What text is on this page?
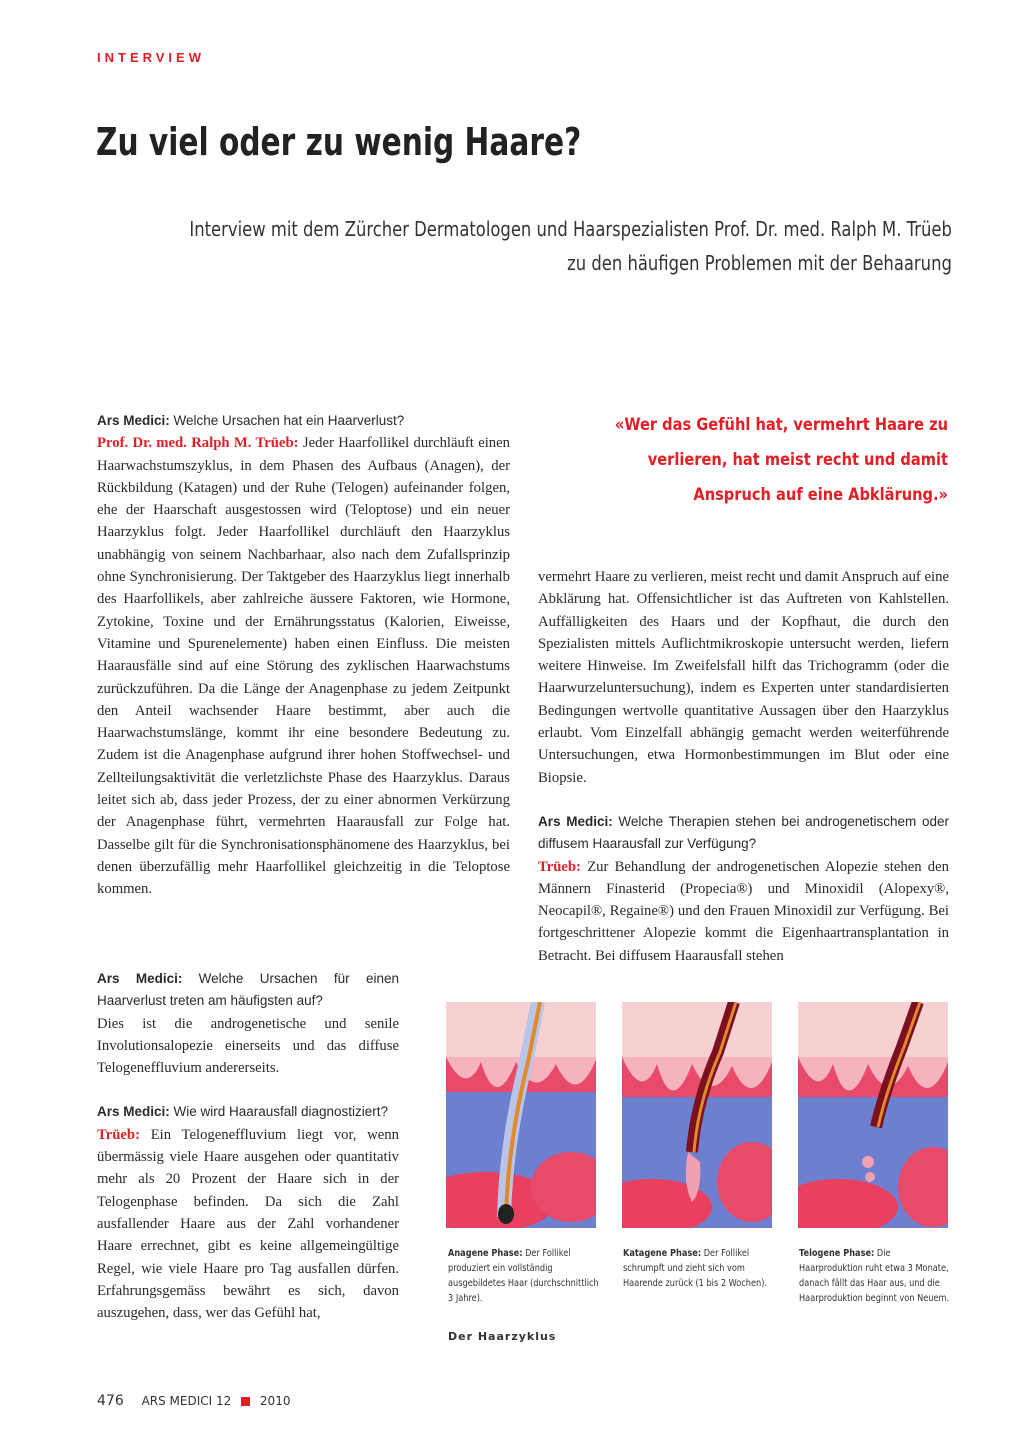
INTERVIEW
Zu viel oder zu wenig Haare?
Interview mit dem Zürcher Dermatologen und Haarspezialisten Prof. Dr. med. Ralph M. Trüeb
zu den häufigen Problemen mit der Behaarung

Ars Medici: Welche Ursachen hat ein Haarverlust?
Prof. Dr. med. Ralph M. Trüeb: Jeder Haarfollikel durchläuft einen Haarwachstumszyklus, in dem Phasen des Aufbaus (Anagen), der Rückbildung (Katagen) und der Ruhe (Telogen) aufeinander folgen, ehe der Haarschaft ausgestossen wird (Teloptose) und ein neuer Haarzyklus folgt. Jeder Haarfollikel durchläuft den Haarzyklus unabhängig von seinem Nachbarhaar, also nach dem Zufallsprinzip ohne Synchronisierung. Der Taktgeber des Haarzyklus liegt innerhalb des Haarfollikels, aber zahlreiche äussere Faktoren, wie Hormone, Zytokine, Toxine und der Ernährungsstatus (Kalorien, Eiweisse, Vitamine und Spurenelemente) haben einen Einfluss. Die meisten Haarausfälle sind auf eine Störung des zyklischen Haarwachstums zurückzuführen. Da die Länge der Anagenphase zu jedem Zeitpunkt den Anteil wachsender Haare bestimmt, aber auch die Haarwachstumslänge, kommt ihr eine besondere Bedeutung zu. Zudem ist die Anagenphase aufgrund ihrer hohen Stoffwechsel- und Zellteilungsaktivität die verletzlichste Phase des Haarzyklus. Daraus leitet sich ab, dass jeder Prozess, der zu einer abnormen Verkürzung der Anagenphase führt, vermehrten Haarausfall zur Folge hat. Dasselbe gilt für die Synchronisationsphänomene des Haarzyklus, bei denen überzufällig mehr Haarfollikel gleichzeitig in die Teloptose kommen.

Ars Medici: Welche Ursachen für einen Haarverlust treten am häufigsten auf?
Dies ist die androgenetische und senile Involutionsalopezie einerseits und das diffuse Telogeneffluvium andererseits.

Ars Medici: Wie wird Haarausfall diagnostiziert?
Trüeb: Ein Telogeneffluvium liegt vor, wenn übermässig viele Haare ausgehen oder quantitativ mehr als 20 Prozent der Haare sich in der Telogenphase befinden. Da sich die Zahl ausfallender Haare aus der Zahl vorhandener Haare errechnet, gibt es keine allgemeingültige Regel, wie viele Haare pro Tag ausfallen dürfen. Erfahrungsgemäss bewährt es sich, davon auszugehen, dass, wer das Gefühl hat,

«Wer das Gefühl hat, vermehrt Haare zu verlieren, hat meist recht und damit Anspruch auf eine Abklärung.»

vermehrt Haare zu verlieren, meist recht und damit Anspruch auf eine Abklärung hat. Offensichtlicher ist das Auftreten von Kahlstellen. Auffälligkeiten des Haars und der Kopfhaut, die durch den Spezialisten mittels Auflichtmikroskopie untersucht werden, liefern weitere Hinweise. Im Zweifelsfall hilft das Trichogramm (oder die Haarwurzeluntersuchung), indem es Experten unter standardisierten Bedingungen wertvolle quantitative Aussagen über den Haarzyklus erlaubt. Vom Einzelfall abhängig gemacht werden weiterführende Untersuchungen, etwa Hormonbestimmungen im Blut oder eine Biopsie.

Ars Medici: Welche Therapien stehen bei androgenetischem oder diffusem Haarausfall zur Verfügung?
Trüeb: Zur Behandlung der androgenetischen Alopezie stehen den Männern Finasterid (Propecia®) und Minoxidil (Alopexy®, Neocapil®, Regaine®) und den Frauen Minoxidil zur Verfügung. Bei fortgeschrittener Alopezie kommt die Eigenhaartransplantation in Betracht. Bei diffusem Haarausfall stehen

Anagene Phase: Der Follikel produziert ein vollständig ausgebildetes Haar (durchschnittlich 3 Jahre).
Katagene Phase: Der Follikel schrumpft und zieht sich vom Haarende zurück (1 bis 2 Wochen).
Telogene Phase: Die Haarproduktion ruht etwa 3 Monate, danach fällt das Haar aus, und die Haarproduktion beginnt von Neuem.
Der Haarzyklus
476 ARS MEDICI 12 2010
